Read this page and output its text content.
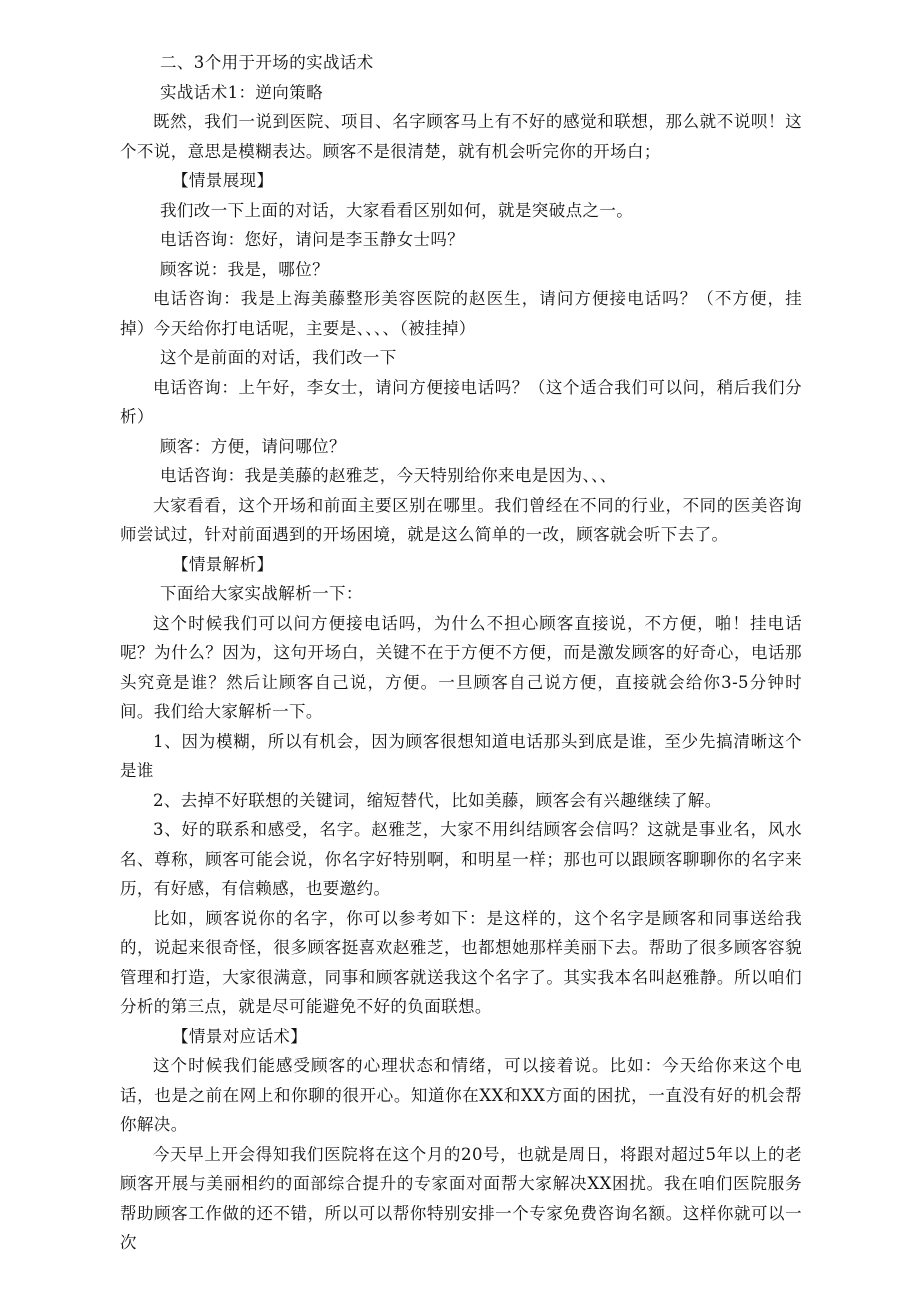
二、3个用于开场的实战话术

实战话术1：逆向策略

既然，我们一说到医院、项目、名字顾客马上有不好的感觉和联想，那么就不说呗！这个不说，意思是模糊表达。顾客不是很清楚，就有机会听完你的开场白；

【情景展现】

我们改一下上面的对话，大家看看区别如何，就是突破点之一。

电话咨询：您好，请问是李玉静女士吗？

顾客说：我是，哪位？

电话咨询：我是上海美藤整形美容医院的赵医生，请问方便接电话吗？（不方便，挂掉）今天给你打电话呢，主要是、、、、（被挂掉）

这个是前面的对话，我们改一下

电话咨询：上午好，李女士，请问方便接电话吗？（这个适合我们可以问，稍后我们分析）

顾客：方便，请问哪位？

电话咨询：我是美藤的赵雅芝，今天特别给你来电是因为、、、

大家看看，这个开场和前面主要区别在哪里。我们曾经在不同的行业，不同的医美咨询师尝试过，针对前面遇到的开场困境，就是这么简单的一改，顾客就会听下去了。

【情景解析】

下面给大家实战解析一下：

这个时候我们可以问方便接电话吗，为什么不担心顾客直接说，不方便，啪！挂电话呢？为什么？因为，这句开场白，关键不在于方便不方便，而是激发顾客的好奇心，电话那头究竟是谁？然后让顾客自己说，方便。一旦顾客自己说方便，直接就会给你3-5分钟时间。我们给大家解析一下。

1、因为模糊，所以有机会，因为顾客很想知道电话那头到底是谁，至少先搞清晰这个是谁

2、去掉不好联想的关键词，缩短替代，比如美藤，顾客会有兴趣继续了解。

3、好的联系和感受，名字。赵雅芝，大家不用纠结顾客会信吗？这就是事业名，风水名、尊称，顾客可能会说，你名字好特别啊，和明星一样；那也可以跟顾客聊聊你的名字来历，有好感，有信赖感，也要邀约。

比如，顾客说你的名字，你可以参考如下：是这样的，这个名字是顾客和同事送给我的，说起来很奇怪，很多顾客挺喜欢赵雅芝，也都想她那样美丽下去。帮助了很多顾客容貌管理和打造，大家很满意，同事和顾客就送我这个名字了。其实我本名叫赵雅静。所以咱们分析的第三点，就是尽可能避免不好的负面联想。

【情景对应话术】

这个时候我们能感受顾客的心理状态和情绪，可以接着说。比如：今天给你来这个电话，也是之前在网上和你聊的很开心。知道你在XX和XX方面的困扰，一直没有好的机会帮你解决。

今天早上开会得知我们医院将在这个月的20号，也就是周日，将跟对超过5年以上的老顾客开展与美丽相约的面部综合提升的专家面对面帮大家解决XX困扰。我在咱们医院服务帮助顾客工作做的还不错，所以可以帮你特别安排一个专家免费咨询名额。这样你就可以一次
